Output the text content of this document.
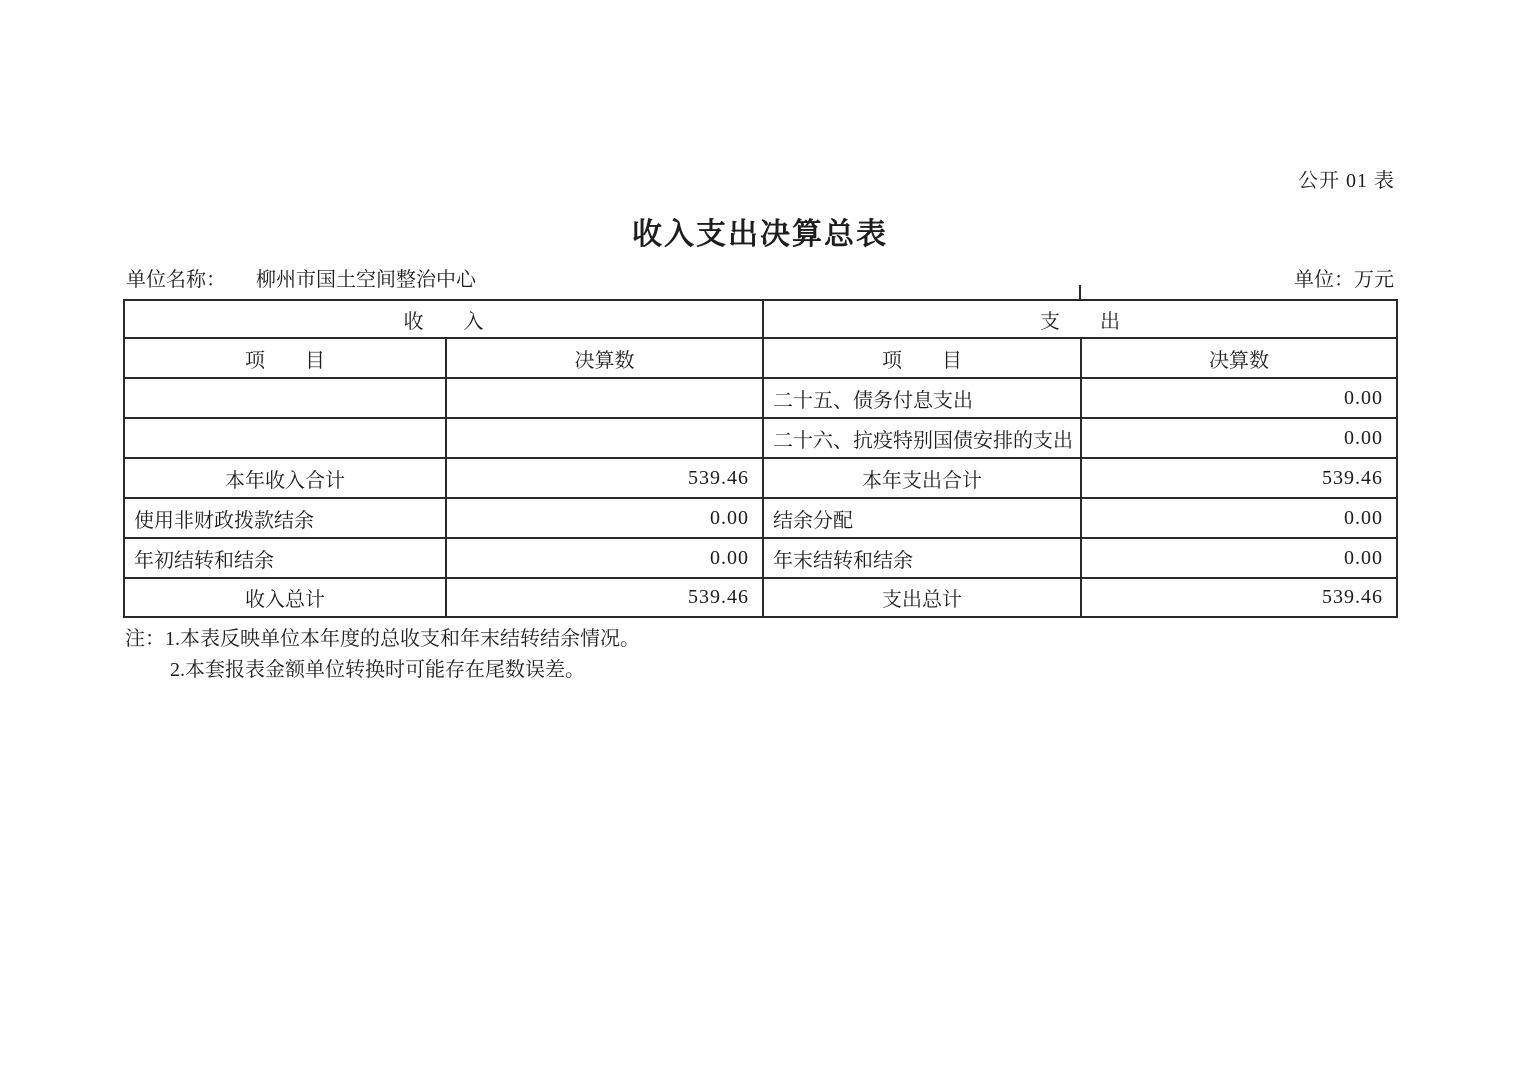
公开 01 表
收入支出决算总表
单位名称： 柳州市国土空间整治中心	单位：万元
收　　入		支　　出	
项　　目	决算数	项　　目	决算数
		二十五、债务付息支出	0.00
		二十六、抗疫特别国债安排的支出	0.00
本年收入合计	539.46	本年支出合计	539.46
使用非财政拨款结余	0.00	结余分配	0.00
年初结转和结余	0.00	年末结转和结余	0.00
收入总计	539.46	支出总计	539.46
注： 1.本表反映单位本年度的总收支和年末结转结余情况。
2.本套报表金额单位转换时可能存在尾数误差。
